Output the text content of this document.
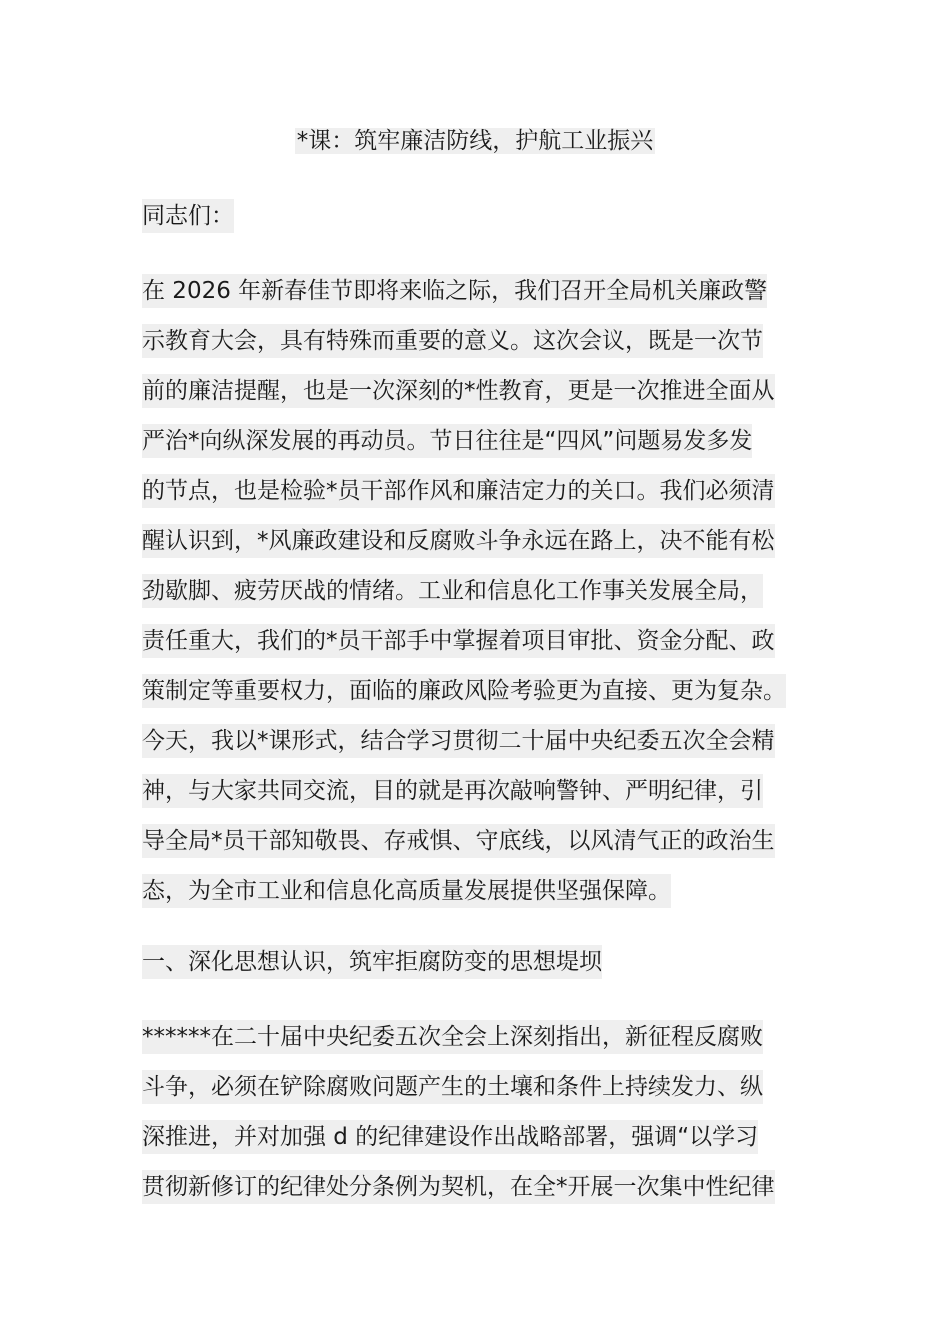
*课：筑牢廉洁防线，护航工业振兴
同志们：
在 2026 年新春佳节即将来临之际，我们召开全局机关廉政警
示教育大会，具有特殊而重要的意义。这次会议，既是一次节
前的廉洁提醒，也是一次深刻的*性教育，更是一次推进全面从
严治*向纵深发展的再动员。节日往往是“四风”问题易发多发
的节点，也是检验*员干部作风和廉洁定力的关口。我们必须清
醒认识到，*风廉政建设和反腐败斗争永远在路上，决不能有松
劲歇脚、疲劳厌战的情绪。工业和信息化工作事关发展全局，
责任重大，我们的*员干部手中掌握着项目审批、资金分配、政
策制定等重要权力，面临的廉政风险考验更为直接、更为复杂。
今天，我以*课形式，结合学习贯彻二十届中央纪委五次全会精
神，与大家共同交流，目的就是再次敲响警钟、严明纪律，引
导全局*员干部知敬畏、存戒惧、守底线，以风清气正的政治生
态，为全市工业和信息化高质量发展提供坚强保障。
一、深化思想认识，筑牢拒腐防变的思想堤坝
******在二十届中央纪委五次全会上深刻指出，新征程反腐败
斗争，必须在铲除腐败问题产生的土壤和条件上持续发力、纵
深推进，并对加强 d 的纪律建设作出战略部署，强调“以学习
贯彻新修订的纪律处分条例为契机，在全*开展一次集中性纪律
